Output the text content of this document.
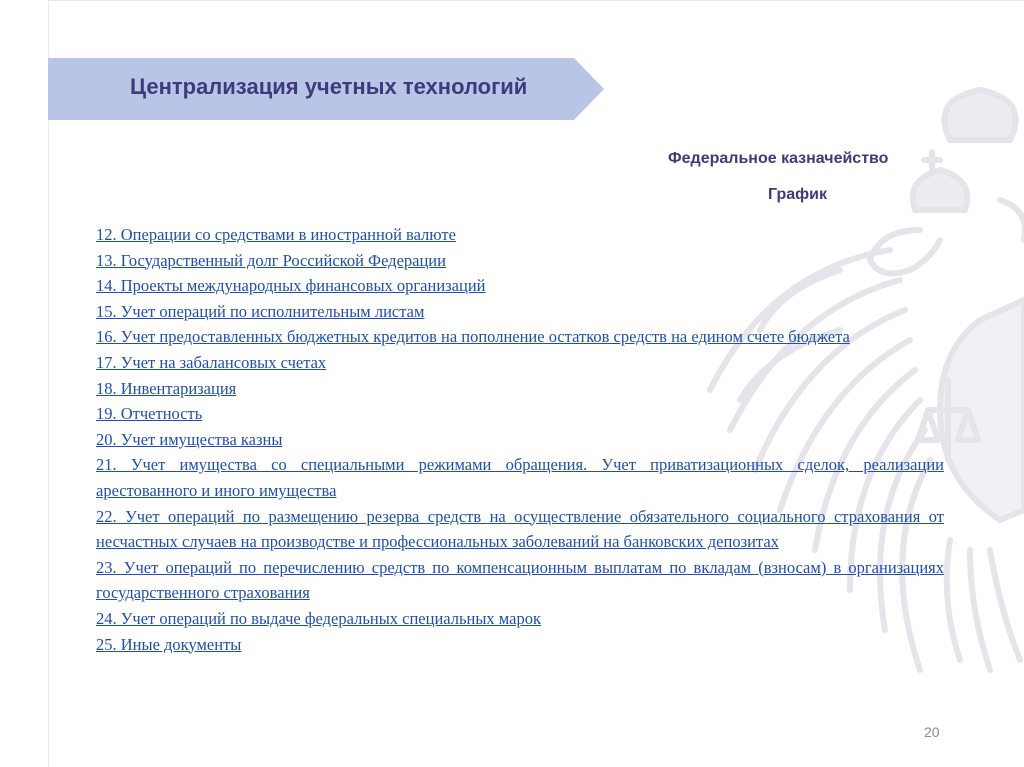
Централизация учетных технологий
Федеральное казначейство
График
12. Операции со средствами в иностранной валюте
13. Государственный долг Российской Федерации
14. Проекты международных финансовых организаций
15. Учет операций по исполнительным листам
16. Учет предоставленных бюджетных кредитов на пополнение остатков средств на едином счете бюджета
17. Учет на забалансовых счетах
18. Инвентаризация
19. Отчетность
20. Учет имущества казны
21. Учет имущества со специальными режимами обращения. Учет приватизационных сделок, реализации арестованного и иного имущества
22. Учет операций по размещению резерва средств на осуществление обязательного социального страхования от несчастных случаев на производстве и профессиональных заболеваний на банковских депозитах
23. Учет операций по перечислению средств по компенсационным выплатам по вкладам (взносам) в организациях государственного страхования
24. Учет операций по выдаче федеральных специальных марок
25. Иные документы
20
